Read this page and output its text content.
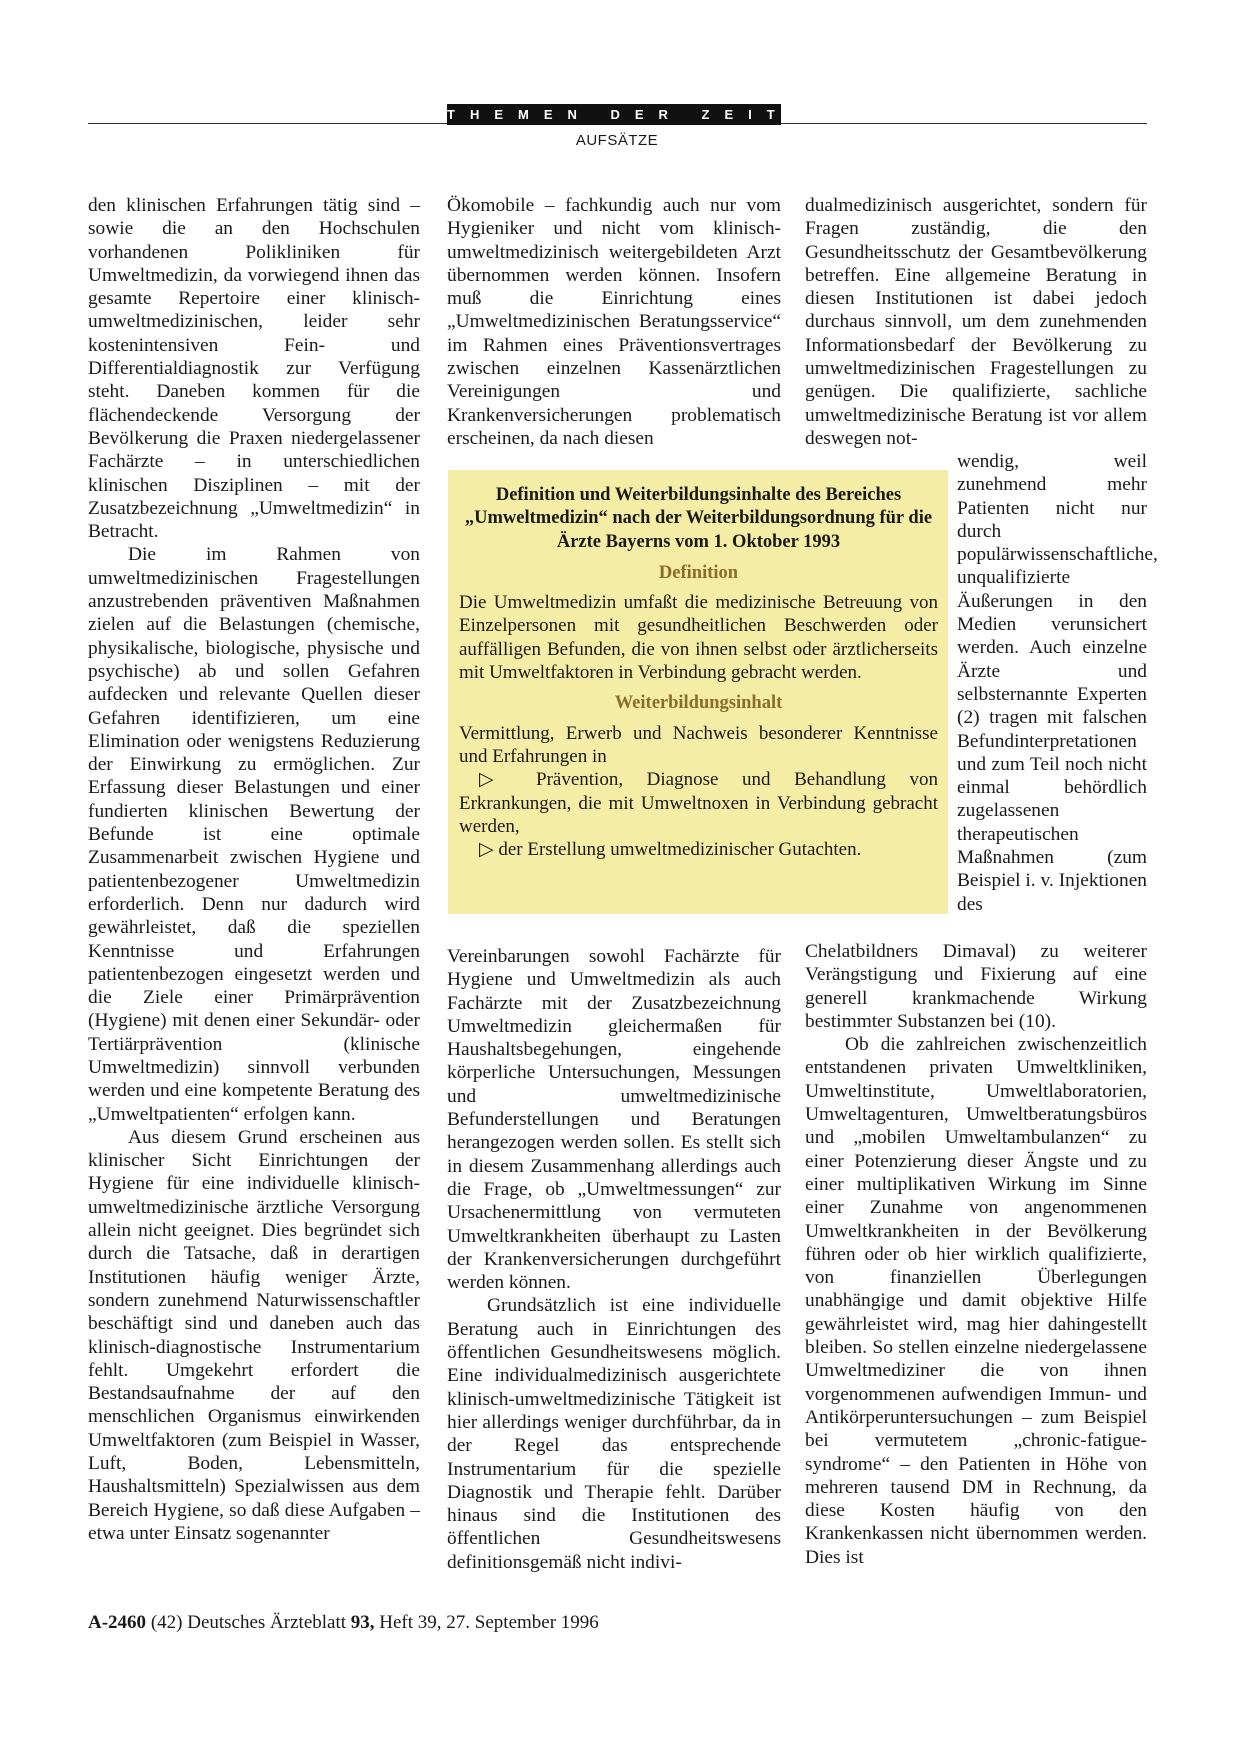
THEMEN DER ZEIT
AUFSÄTZE

den klinischen Erfahrungen tätig sind – sowie die an den Hochschulen vorhandenen Polikliniken für Umweltmedizin, da vorwiegend ihnen das gesamte Repertoire einer klinisch-umweltmedizinischen, leider sehr kostenintensiven Fein- und Differentialdiagnostik zur Verfügung steht. Daneben kommen für die flächendeckende Versorgung der Bevölkerung die Praxen niedergelassener Fachärzte – in unterschiedlichen klinischen Disziplinen – mit der Zusatzbezeichnung „Umweltmedizin“ in Betracht.

Die im Rahmen von umweltmedizinischen Fragestellungen anzustrebenden präventiven Maßnahmen zielen auf die Belastungen (chemische, physikalische, biologische, physische und psychische) ab und sollen Gefahren aufdecken und relevante Quellen dieser Gefahren identifizieren, um eine Elimination oder wenigstens Reduzierung der Einwirkung zu ermöglichen. Zur Erfassung dieser Belastungen und einer fundierten klinischen Bewertung der Befunde ist eine optimale Zusammenarbeit zwischen Hygiene und patientenbezogener Umweltmedizin erforderlich. Denn nur dadurch wird gewährleistet, daß die speziellen Kenntnisse und Erfahrungen patientenbezogen eingesetzt werden und die Ziele einer Primärprävention (Hygiene) mit denen einer Sekundär- oder Tertiärprävention (klinische Umweltmedizin) sinnvoll verbunden werden und eine kompetente Beratung des „Umweltpatienten“ erfolgen kann.

Aus diesem Grund erscheinen aus klinischer Sicht Einrichtungen der Hygiene für eine individuelle klinisch-umweltmedizinische ärztliche Versorgung allein nicht geeignet. Dies begründet sich durch die Tatsache, daß in derartigen Institutionen häufig weniger Ärzte, sondern zunehmend Naturwissenschaftler beschäftigt sind und daneben auch das klinisch-diagnostische Instrumentarium fehlt. Umgekehrt erfordert die Bestandsaufnahme der auf den menschlichen Organismus einwirkenden Umweltfaktoren (zum Beispiel in Wasser, Luft, Boden, Lebensmitteln, Haushaltsmitteln) Spezialwissen aus dem Bereich Hygiene, so daß diese Aufgaben – etwa unter Einsatz sogenannter

Ökomobile – fachkundig auch nur vom Hygieniker und nicht vom klinisch-umweltmedizinisch weitergebildeten Arzt übernommen werden können. Insofern muß die Einrichtung eines „Umweltmedizinischen Beratungsservice“ im Rahmen eines Präventionsvertrages zwischen einzelnen Kassenärztlichen Vereinigungen und Krankenversicherungen problematisch erscheinen, da nach diesen

Definition und Weiterbildungsinhalte des Bereiches „Umweltmedizin“ nach der Weiterbildungsordnung für die Ärzte Bayerns vom 1. Oktober 1993

Definition

Die Umweltmedizin umfaßt die medizinische Betreuung von Einzelpersonen mit gesundheitlichen Beschwerden oder auffälligen Befunden, die von ihnen selbst oder ärztlicherseits mit Umweltfaktoren in Verbindung gebracht werden.

Weiterbildungsinhalt

Vermittlung, Erwerb und Nachweis besonderer Kenntnisse und Erfahrungen in

▷ Prävention, Diagnose und Behandlung von Erkrankungen, die mit Umweltnoxen in Verbindung gebracht werden,

▷ der Erstellung umweltmedizinischer Gutachten.

Vereinbarungen sowohl Fachärzte für Hygiene und Umweltmedizin als auch Fachärzte mit der Zusatzbezeichnung Umweltmedizin gleichermaßen für Haushaltsbegehungen, eingehende körperliche Untersuchungen, Messungen und umweltmedizinische Befunderstellungen und Beratungen herangezogen werden sollen. Es stellt sich in diesem Zusammenhang allerdings auch die Frage, ob „Umweltmessungen“ zur Ursachenermittlung von vermuteten Umweltkrankheiten überhaupt zu Lasten der Krankenversicherungen durchgeführt werden können.

Grundsätzlich ist eine individuelle Beratung auch in Einrichtungen des öffentlichen Gesundheitswesens möglich. Eine individualmedizinisch ausgerichtete klinisch-umweltmedizinische Tätigkeit ist hier allerdings weniger durchführbar, da in der Regel das entsprechende Instrumentarium für die spezielle Diagnostik und Therapie fehlt. Darüber hinaus sind die Institutionen des öffentlichen Gesundheitswesens definitionsgemäß nicht indivi-

dualmedizinisch ausgerichtet, sondern für Fragen zuständig, die den Gesundheitsschutz der Gesamtbevölkerung betreffen. Eine allgemeine Beratung in diesen Institutionen ist dabei jedoch durchaus sinnvoll, um dem zunehmenden Informationsbedarf der Bevölkerung zu umweltmedizinischen Fragestellungen zu genügen. Die qualifizierte, sachliche umweltmedizinische Beratung ist vor allem deswegen not-

wendig, weil zunehmend mehr Patienten nicht nur durch populärwissenschaftliche, unqualifizierte Äußerungen in den Medien verunsichert werden. Auch einzelne Ärzte und selbsternannte Experten (2) tragen mit falschen Befundinterpretationen und zum Teil noch nicht einmal behördlich zugelassenen therapeutischen Maßnahmen (zum Beispiel i. v. Injektionen des

Chelatbildners Dimaval) zu weiterer Verängstigung und Fixierung auf eine generell krankmachende Wirkung bestimmter Substanzen bei (10).

Ob die zahlreichen zwischenzeitlich entstandenen privaten Umweltkliniken, Umweltinstitute, Umweltlaboratorien, Umweltagenturen, Umweltberatungsbüros und „mobilen Umweltambulanzen“ zu einer Potenzierung dieser Ängste und zu einer multiplikativen Wirkung im Sinne einer Zunahme von angenommenen Umweltkrankheiten in der Bevölkerung führen oder ob hier wirklich qualifizierte, von finanziellen Überlegungen unabhängige und damit objektive Hilfe gewährleistet wird, mag hier dahingestellt bleiben. So stellen einzelne niedergelassene Umweltmediziner die von ihnen vorgenommenen aufwendigen Immun- und Antikörperuntersuchungen – zum Beispiel bei vermutetem „chronic-fatigue-syndrome“ – den Patienten in Höhe von mehreren tausend DM in Rechnung, da diese Kosten häufig von den Krankenkassen nicht übernommen werden. Dies ist

A-2460 (42) Deutsches Ärzteblatt 93, Heft 39, 27. September 1996
